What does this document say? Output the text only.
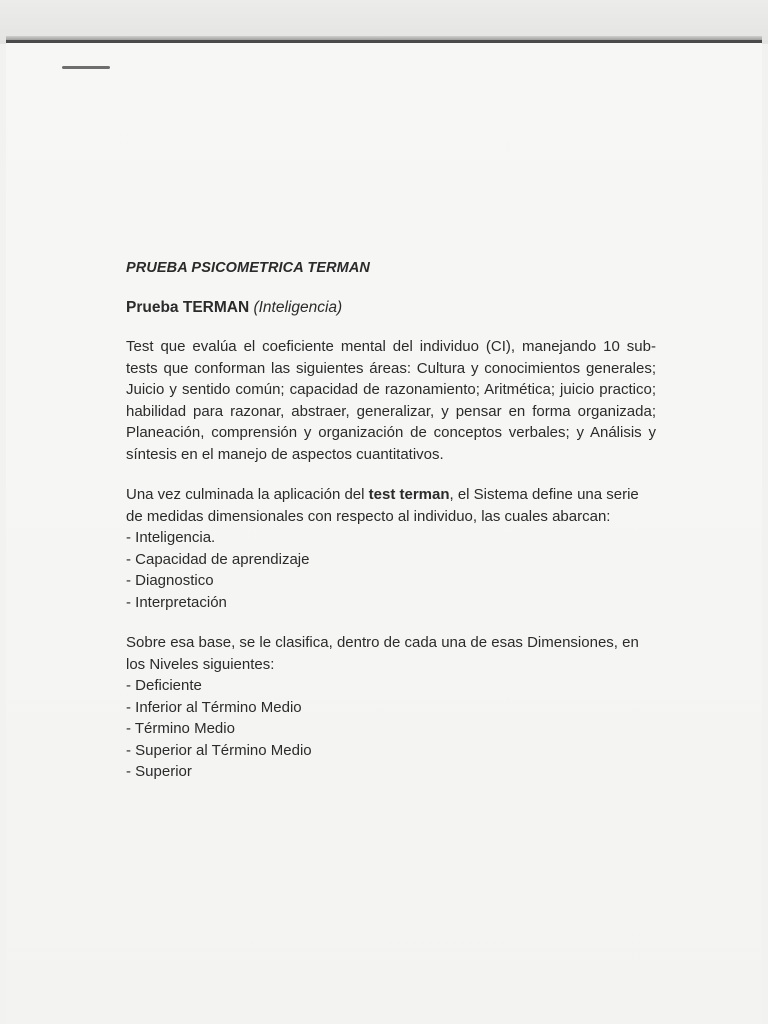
PRUEBA PSICOMETRICA TERMAN

Prueba TERMAN (Inteligencia)

Test que evalúa el coeficiente mental del individuo (CI), manejando 10 sub-tests que conforman las siguientes áreas: Cultura y conocimientos generales; Juicio y sentido común; capacidad de razonamiento; Aritmética; juicio practico; habilidad para razonar, abstraer, generalizar, y pensar en forma organizada; Planeación, comprensión y organización de conceptos verbales; y Análisis y síntesis en el manejo de aspectos cuantitativos.

Una vez culminada la aplicación del test terman, el Sistema define una serie de medidas dimensionales con respecto al individuo, las cuales abarcan:

- Inteligencia.
- Capacidad de aprendizaje
- Diagnostico
- Interpretación

Sobre esa base, se le clasifica, dentro de cada una de esas Dimensiones, en los Niveles siguientes:

- Deficiente
- Inferior al Término Medio
- Término Medio
- Superior al Término Medio
- Superior
